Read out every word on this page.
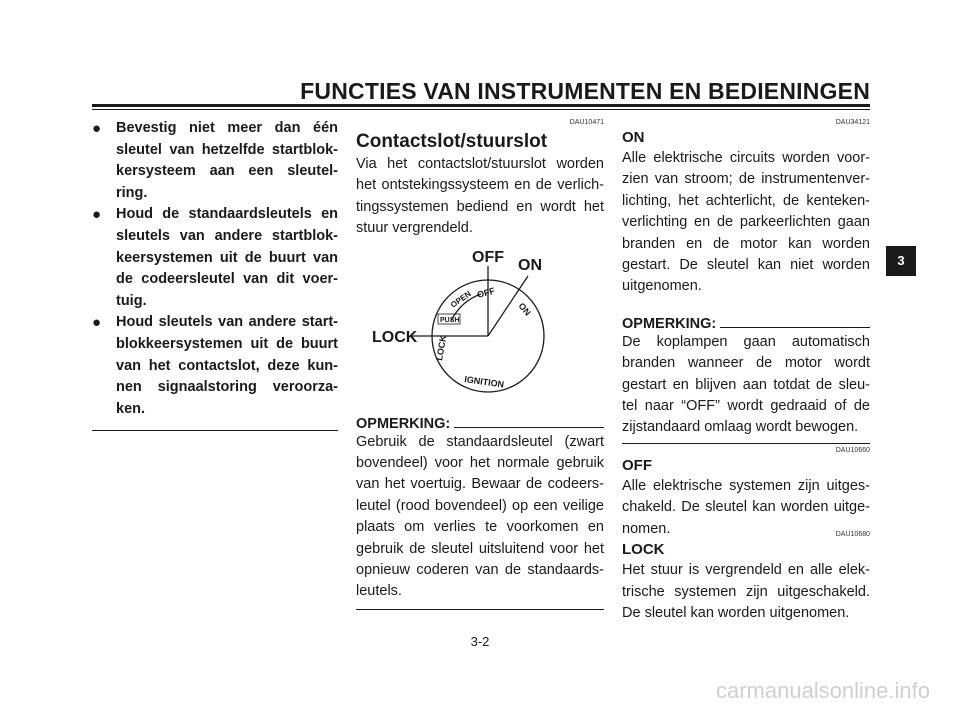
FUNCTIES VAN INSTRUMENTEN EN BEDIENINGEN
● Bevestig niet meer dan één sleutel van hetzelfde startblok-kersysteem aan een sleutel-ring.
● Houd de standaardsleutels en sleutels van andere startblok-keersystemen uit de buurt van de codeersleutel van dit voer-tuig.
● Houd sleutels van andere start-blokkeersystemen uit de buurt van het contactslot, deze kun-nen signaalstoring veroorza-ken.
DAU10471
Contactslot/stuurslot

Via het contactslot/stuurslot worden het ontstekingssysteem en de verlich-tingssystemen bediend en wordt het stuur vergrendeld.

PUSH
OPEN OFF
ON
LOCK
IGNITION
OFF ON
LOCK
OPMERKING:

Gebruik de standaardsleutel (zwart bovendeel) voor het normale gebruik van het voertuig. Bewaar de codeers-leutel (rood bovendeel) op een veilige plaats om verlies te voorkomen en gebruik de sleutel uitsluitend voor het opnieuw coderen van de standaards-leutels.

DAU34121
ON

Alle elektrische circuits worden voor-zien van stroom; de instrumentenver-lichting, het achterlicht, de kenteken-verlichting en de parkeerlichten gaan branden en de motor kan worden gestart. De sleutel kan niet worden uitgenomen.

OPMERKING:

De koplampen gaan automatisch branden wanneer de motor wordt gestart en blijven aan totdat de sleu-tel naar “OFF” wordt gedraaid of de zijstandaard omlaag wordt bewogen.

DAU10660
OFF

Alle elektrische systemen zijn uitges-chakeld. De sleutel kan worden uitge-nomen.	DAU10680
LOCK

Het stuur is vergrendeld en alle elek-trische systemen zijn uitgeschakeld. De sleutel kan worden uitgenomen.

3
3-2
carmanualsonline.info
